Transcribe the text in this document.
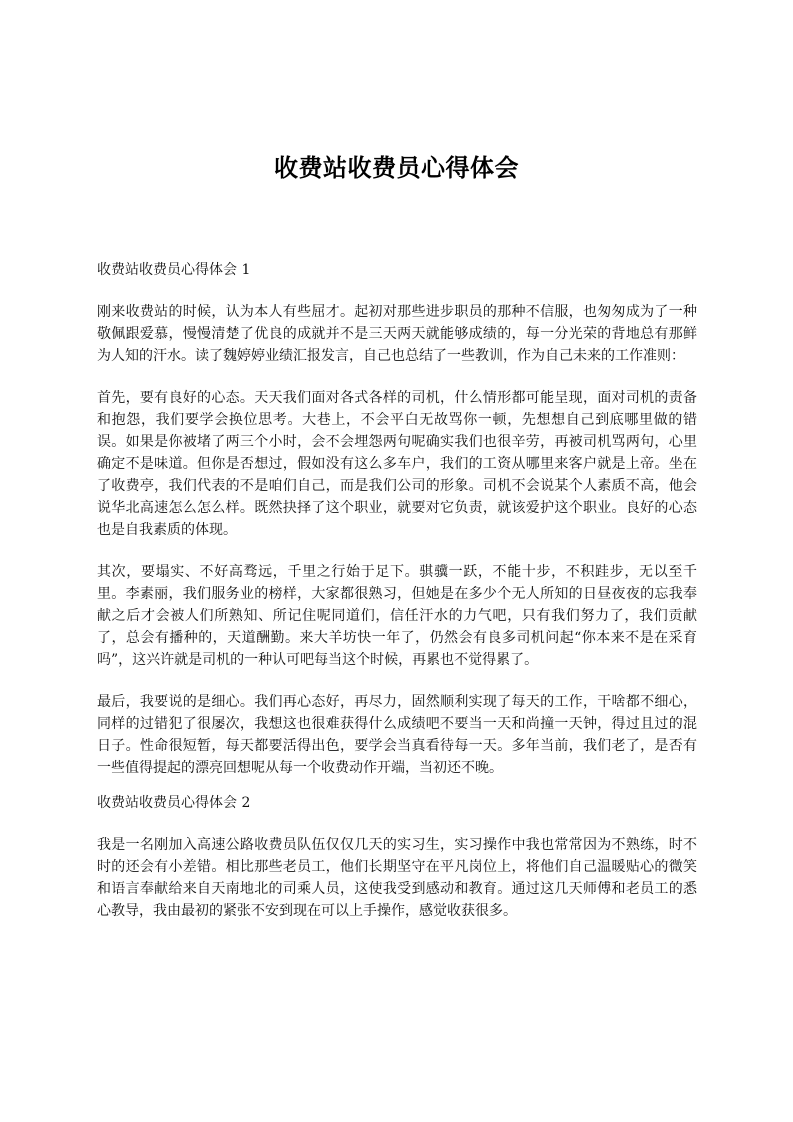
收费站收费员心得体会
收费站收费员心得体会 1

刚来收费站的时候，认为本人有些屈才。起初对那些进步职员的那种不信服，也匆匆成为了一种敬佩跟爱慕，慢慢清楚了优良的成就并不是三天两天就能够成绩的，每一分光荣的背地总有那鲜为人知的汗水。读了魏婷婷业绩汇报发言，自己也总结了一些教训，作为自己未来的工作准则：

首先，要有良好的心态。天天我们面对各式各样的司机，什么情形都可能呈现，面对司机的责备和抱怨，我们要学会换位思考。大巷上，不会平白无故骂你一顿，先想想自己到底哪里做的错误。如果是你被堵了两三个小时，会不会埋怨两句呢确实我们也很辛劳，再被司机骂两句，心里确定不是味道。但你是否想过，假如没有这么多车户，我们的工资从哪里来客户就是上帝。坐在了收费亭，我们代表的不是咱们自己，而是我们公司的形象。司机不会说某个人素质不高，他会说华北高速怎么怎么样。既然抉择了这个职业，就要对它负责，就该爱护这个职业。良好的心态也是自我素质的体现。

其次，要塌实、不好高骛远，千里之行始于足下。骐骥一跃，不能十步，不积跬步，无以至千里。李素丽，我们服务业的榜样，大家都很熟习，但她是在多少个无人所知的日昼夜夜的忘我奉献之后才会被人们所熟知、所记住呢同道们，信任汗水的力气吧，只有我们努力了，我们贡献了，总会有播种的，天道酬勤。来大羊坊快一年了，仍然会有良多司机问起“你本来不是在采育吗”，这兴许就是司机的一种认可吧每当这个时候，再累也不觉得累了。

最后，我要说的是细心。我们再心态好，再尽力，固然顺利实现了每天的工作，干啥都不细心，同样的过错犯了很屡次，我想这也很难获得什么成绩吧不要当一天和尚撞一天钟，得过且过的混日子。性命很短暂，每天都要活得出色，要学会当真看待每一天。多年当前，我们老了，是否有一些值得提起的漂亮回想呢从每一个收费动作开端，当初还不晚。

收费站收费员心得体会 2

我是一名刚加入高速公路收费员队伍仅仅几天的实习生，实习操作中我也常常因为不熟练，时不时的还会有小差错。相比那些老员工，他们长期坚守在平凡岗位上，将他们自己温暖贴心的微笑和语言奉献给来自天南地北的司乘人员，这使我受到感动和教育。通过这几天师傅和老员工的悉心教导，我由最初的紧张不安到现在可以上手操作，感觉收获很多。
